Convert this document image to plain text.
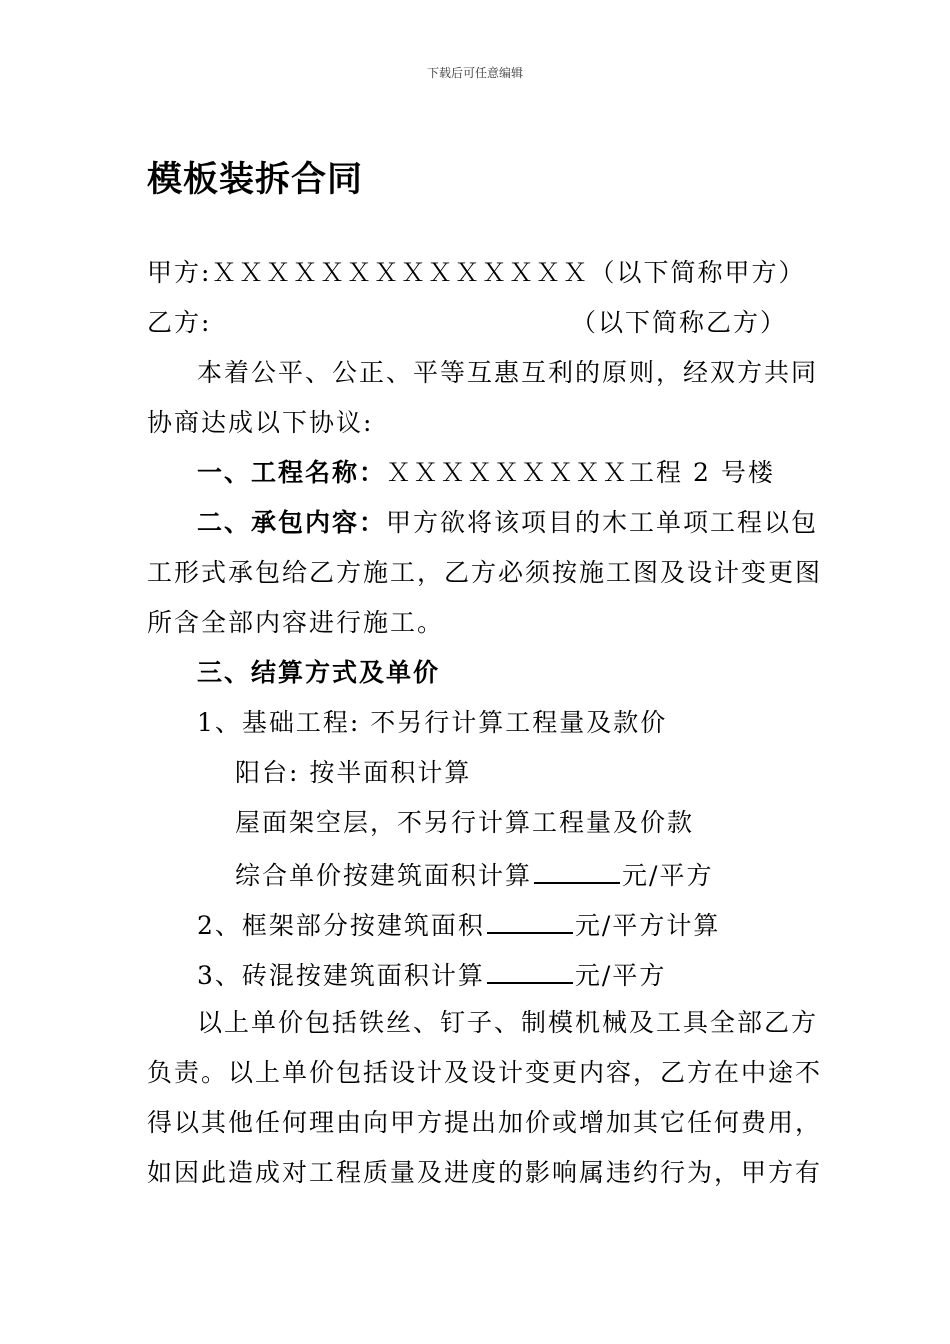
下载后可任意编辑
模板装拆合同
甲方:ＸＸＸＸＸＸＸＸＸＸＸＸＸＸ（以下简称甲方）
乙方:	（以下简称乙方）
本着公平、公正、平等互惠互利的原则，经双方共同
协商达成以下协议:
一、工程名称：ＸＸＸＸＸＸＸＸＸ工程 2 号楼
二、承包内容：甲方欲将该项目的木工单项工程以包
工形式承包给乙方施工，乙方必须按施工图及设计变更图
所含全部内容进行施工。
三、结算方式及单价
1、基础工程: 不另行计算工程量及款价
阳台: 按半面积计算
屋面架空层，不另行计算工程量及价款
综合单价按建筑面积计算	元/平方
2、框架部分按建筑面积	元/平方计算
3、砖混按建筑面积计算	元/平方
以上单价包括铁丝、钉子、制模机械及工具全部乙方
负责。以上单价包括设计及设计变更内容，乙方在中途不
得以其他任何理由向甲方提出加价或增加其它任何费用，
如因此造成对工程质量及进度的影响属违约行为，甲方有
